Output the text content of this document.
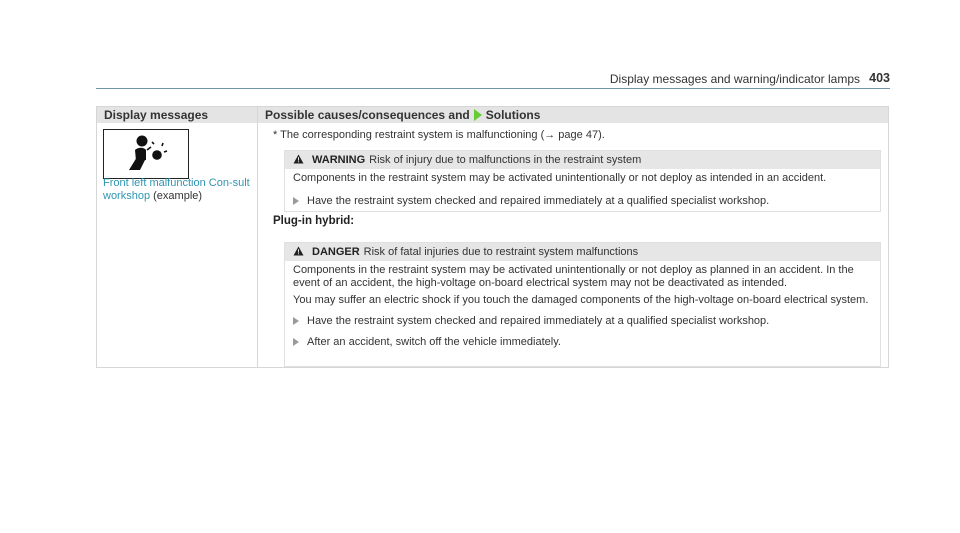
Display messages and warning/indicator lamps 403
Display messages	Possible causes/consequences and Solutions
Front left malfunction Con-sult workshop (example)
* The corresponding restraint system is malfunctioning (→ page 47).
WARNING Risk of injury due to malfunctions in the restraint system

Components in the restraint system may be activated unintentionally or not deploy as intended in an accident.

Have the restraint system checked and repaired immediately at a qualified specialist workshop.
Plug-in hybrid:
DANGER Risk of fatal injuries due to restraint system malfunctions

Components in the restraint system may be activated unintentionally or not deploy as planned in an accident. In the event of an accident, the high-voltage on-board electrical system may not be deactivated as intended.

You may suffer an electric shock if you touch the damaged components of the high-voltage on-board electrical system.

Have the restraint system checked and repaired immediately at a qualified specialist workshop.
After an accident, switch off the vehicle immediately.
